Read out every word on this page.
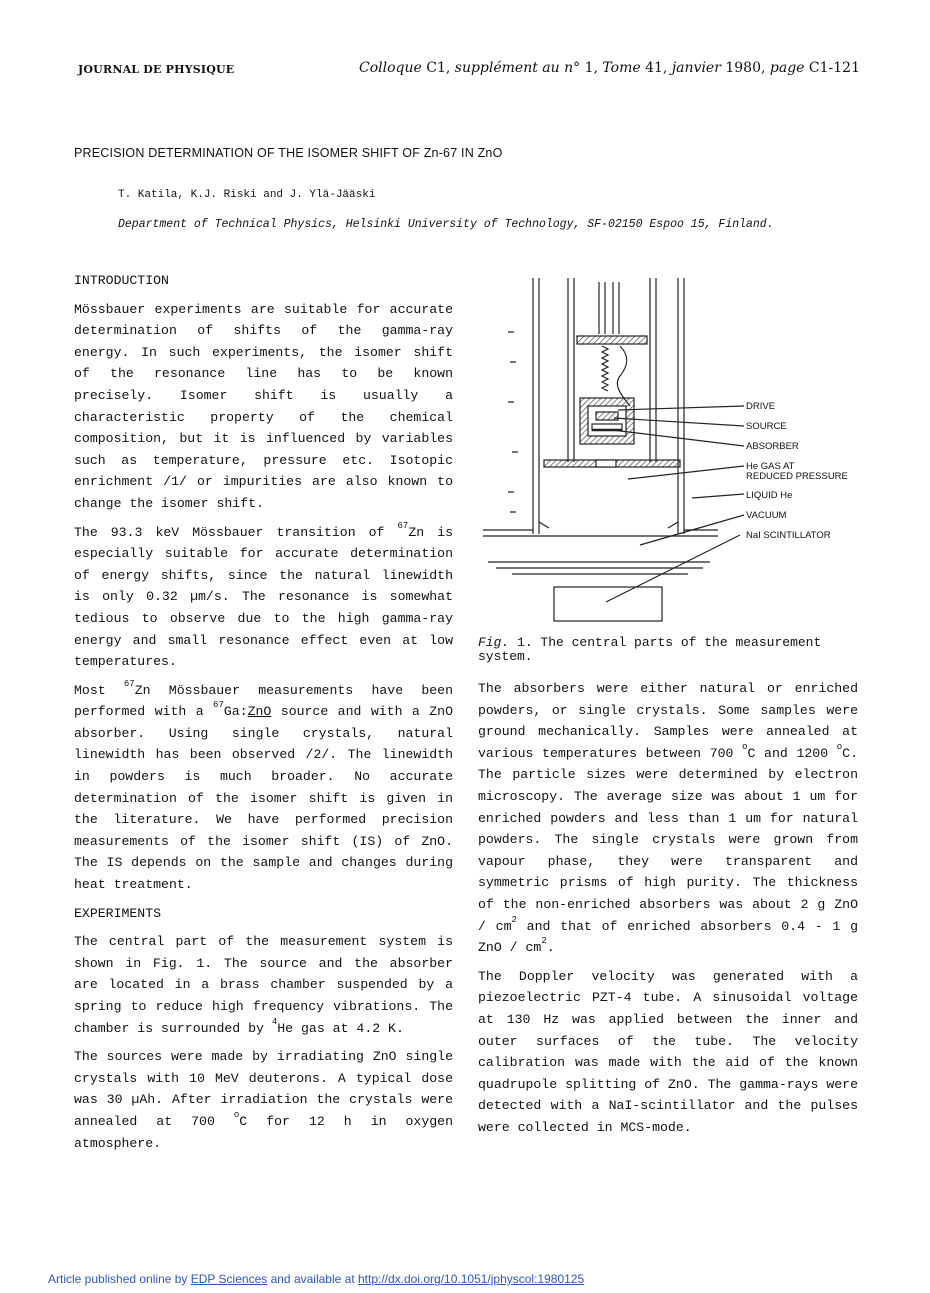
JOURNAL DE PHYSIQUE	Colloque C1, supplément au n° 1, Tome 41, janvier 1980, page C1-121
PRECISION DETERMINATION OF THE ISOMER SHIFT OF Zn-67 IN ZnO
T. Katila, K.J. Riski and J. Ylä-Jääski
Department of Technical Physics, Helsinki University of Technology, SF-02150 Espoo 15, Finland.
INTRODUCTION

Mössbauer experiments are suitable for accurate determination of shifts of the gamma-ray energy. In such experiments, the isomer shift of the resonance line has to be known precisely. Isomer shift is usually a characteristic property of the chemical composition, but it is influenced by variables such as temperature, pressure etc. Isotopic enrichment /1/ or impurities are also known to change the isomer shift.

The 93.3 keV Mössbauer transition of $^{67}$Zn is especially suitable for accurate determination of energy shifts, since the natural linewidth is only 0.32 µm/s. The resonance is somewhat tedious to observe due to the high gamma-ray energy and small resonance effect even at low temperatures.

Most $^{67}$Zn Mössbauer measurements have been performed with a $^{67}$Ga:ZnO source and with a ZnO absorber. Using single crystals, natural linewidth has been observed /2/. The linewidth in powders is much broader. No accurate determination of the isomer shift is given in the literature. We have performed precision measurements of the isomer shift (IS) of ZnO. The IS depends on the sample and changes during heat treatment.

EXPERIMENTS

The central part of the measurement system is shown in Fig. 1. The source and the absorber are located in a brass chamber suspended by a spring to reduce high frequency vibrations. The chamber is surrounded by $^4$He gas at 4.2 K.

The sources were made by irradiating ZnO single crystals with 10 MeV deuterons. A typical dose was 30 µAh. After irradiation the crystals were annealed at 700 $^o$C for 12 h in oxygen atmosphere.

DRIVE
SOURCE
ABSORBER
He GAS AT
REDUCED PRESSURE
LIQUID He
VACUUM
NaI SCINTILLATOR
Fig. 1. The central parts of the measurement system.

The absorbers were either natural or enriched powders, or single crystals. Some samples were ground mechanically. Samples were annealed at various temperatures between 700 $^o$C and 1200 $^o$C. The particle sizes were determined by electron microscopy. The average size was about 1 um for enriched powders and less than 1 um for natural powders. The single crystals were grown from vapour phase, they were transparent and symmetric prisms of high purity. The thickness of the non-enriched absorbers was about 2 g ZnO / $cm^2$ and that of enriched absorbers 0.4 - 1 g ZnO / $cm^2$.

The Doppler velocity was generated with a piezoelectric PZT-4 tube. A sinusoidal voltage at 130 Hz was applied between the inner and outer surfaces of the tube. The velocity calibration was made with the aid of the known quadrupole splitting of ZnO. The gamma-rays were detected with a NaI-scintillator and the pulses were collected in MCS-mode.

Article published online by EDP Sciences and available at http://dx.doi.org/10.1051/jphyscol:1980125
